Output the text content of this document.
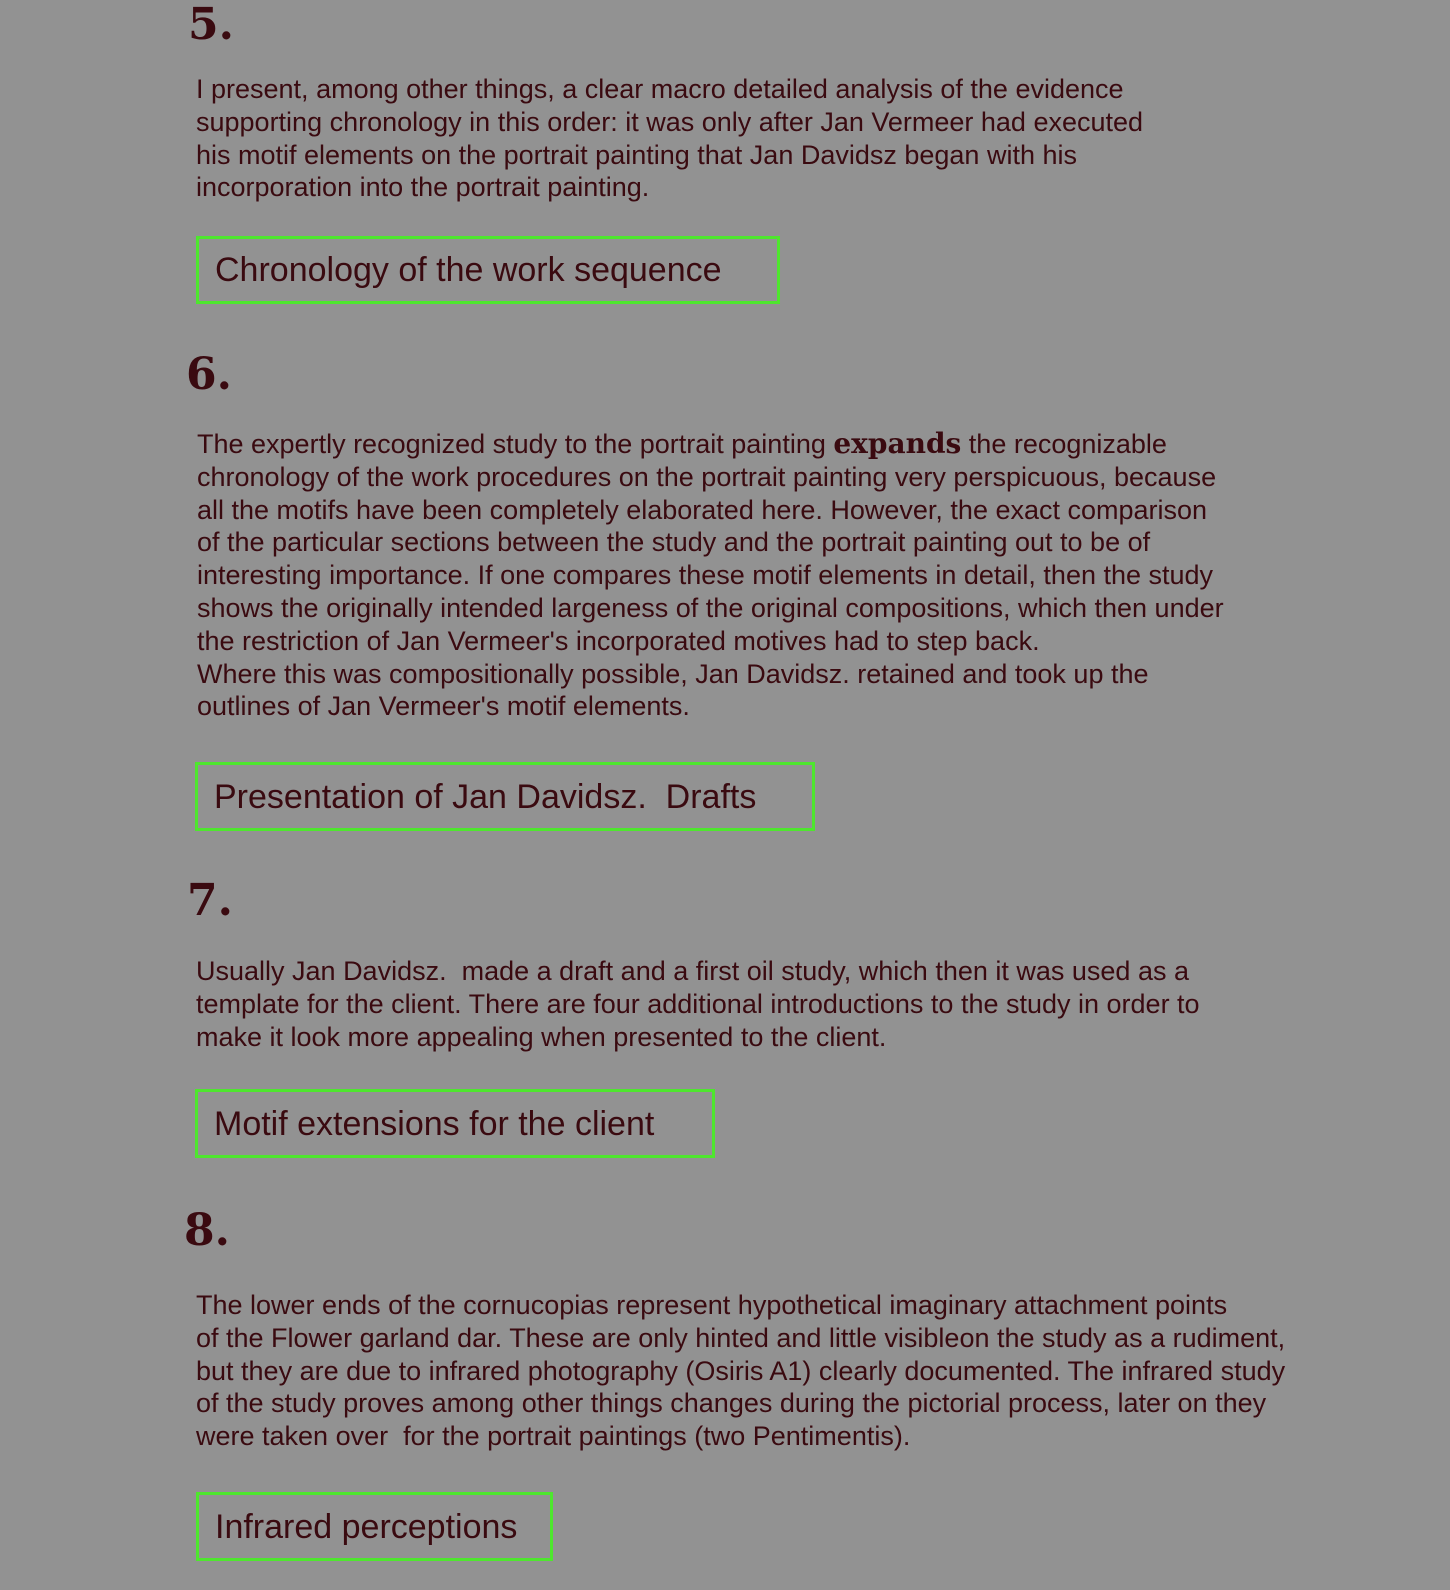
5.
I present, among other things, a clear macro detailed analysis of the evidence
supporting chronology in this order: it was only after Jan Vermeer had executed
his motif elements on the portrait painting that Jan Davidsz began with his
incorporation into the portrait painting.
Chronology of the work sequence
6.
The expertly recognized study to the portrait painting expands the recognizable
chronology of the work procedures on the portrait painting very perspicuous, because
all the motifs have been completely elaborated here. However, the exact comparison
of the particular sections between the study and the portrait painting out to be of
interesting importance. If one compares these motif elements in detail, then the study
shows the originally intended largeness of the original compositions, which then under
the restriction of Jan Vermeer's incorporated motives had to step back.
Where this was compositionally possible, Jan Davidsz. retained and took up the
outlines of Jan Vermeer's motif elements.
Presentation of Jan Davidsz.  Drafts
7.
Usually Jan Davidsz.  made a draft and a first oil study, which then it was used as a
template for the client. There are four additional introductions to the study in order to
make it look more appealing when presented to the client.
Motif extensions for the client
8.
The lower ends of the cornucopias represent hypothetical imaginary attachment points
of the Flower garland dar. These are only hinted and little visibleon the study as a rudiment,
but they are due to infrared photography (Osiris A1) clearly documented. The infrared study
of the study proves among other things changes during the pictorial process, later on they
were taken over  for the portrait paintings (two Pentimentis).
Infrared perceptions
